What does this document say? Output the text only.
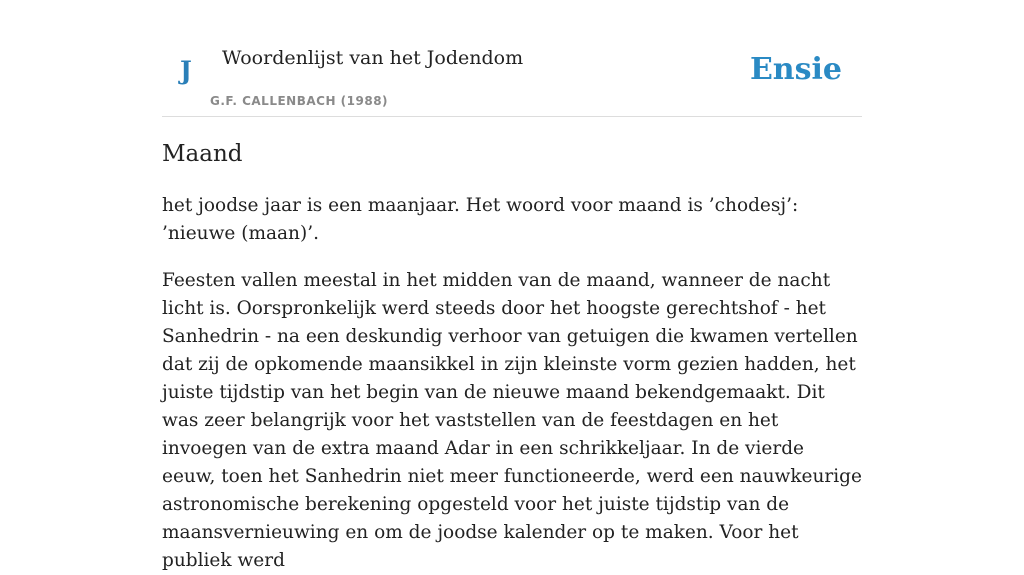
J Woordenlijst van het Jodendom
G.F. CALLENBACH (1988)
Ensie
Maand

het joodse jaar is een maanjaar. Het woord voor maand is ’chodesj’: ’nieuwe (maan)’.

Feesten vallen meestal in het midden van de maand, wanneer de nacht licht is. Oorspronkelijk werd steeds door het hoogste gerechtshof - het Sanhedrin - na een deskundig verhoor van getuigen die kwamen vertellen dat zij de opkomende maansikkel in zijn kleinste vorm gezien hadden, het juiste tijdstip van het begin van de nieuwe maand bekendgemaakt. Dit was zeer belangrijk voor het vaststellen van de feestdagen en het invoegen van de extra maand Adar in een schrikkeljaar. In de vierde eeuw, toen het Sanhedrin niet meer functioneerde, werd een nauwkeurige astronomische berekening opgesteld voor het juiste tijdstip van de maansvernieuwing en om de joodse kalender op te maken. Voor het publiek werd
